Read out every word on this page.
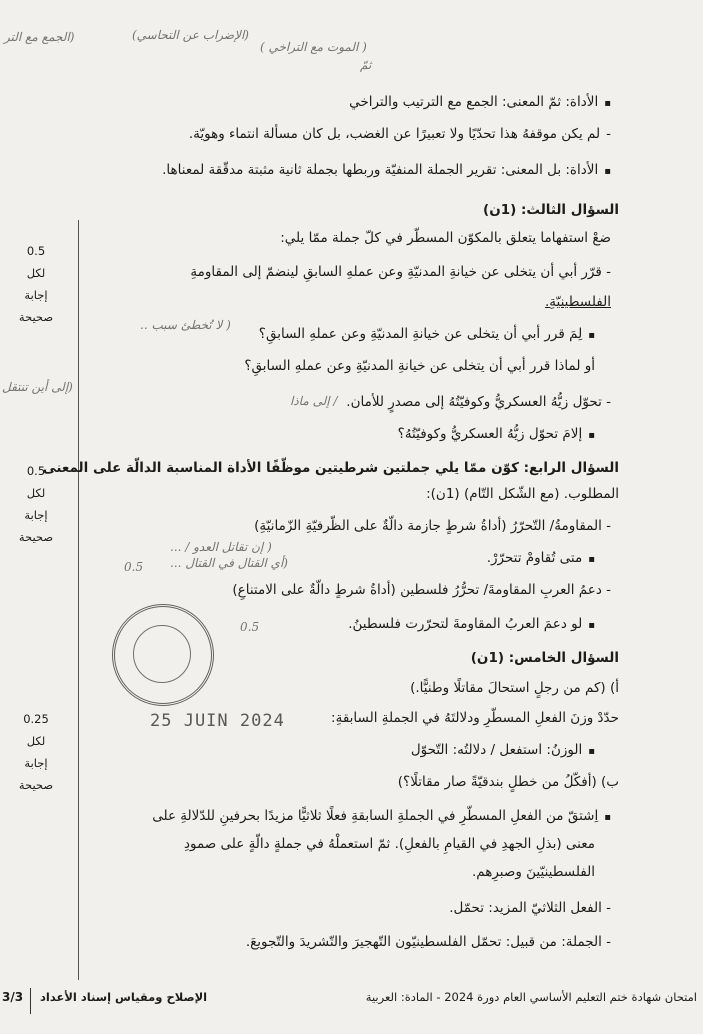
(الجمع مع التر	(الإضراب عن التحاسي)
( الموت مع التراخي )
ثمّ
0.5
لكل
إجابة
صحيحة
0.5
لكل
إجابة
صحيحة
0.25
لكل
إجابة
صحيحة
▪ الأداة: ثمّ المعنى: الجمع مع الترتيب والتراخي
- لم يكن موقفهُ هذا تحدّيًا ولا تعبيرًا عن الغضب، بل كان مسألة انتماء وهويّة.
▪ الأداة: بل المعنى: تقرير الجملة المنفيّة وربطها بجملة ثانية مثبتة مدقّقة لمعناها.
السؤال الثالث: (1ن)
ضعْ استفهاما يتعلق بالمكوّن المسطّر في كلّ جملة ممّا يلي:
- قرّر أبي أن يتخلى عن خيانةِ المدنيّةِ وعن عملهِ السابقِ لينضمّ إلى المقاومةِ
الفلسطينيّةِ.
▪ لِمَ قرر أبي أن يتخلى عن خيانةِ المدنيّةِ وعن عملهِ السابقِ؟
أو لماذا قرر أبي أن يتخلى عن خيانةِ المدنيّةِ وعن عملهِ السابقِ؟
- تحوّل زيُّهُ العسكريُّ وكوفيّتُهُ إلى مصدرٍ للأمان.
▪ إلامَ تحوّل زيُّهُ العسكريُّ وكوفيّتُهُ؟
السؤال الرابع: كوّن ممّا يلي جملتين شرطيتين موظّفًا الأداة المناسبة الدالّة على المعنى
المطلوب. (مع الشّكل التّام) (1ن):
- المقاومةُ/ التّحرّرُ (أداةُ شرطٍ جازمة دالّةٌ على الظّرفيّةِ الزّمانيّةِ)
▪ متى تُقاومْ تتحرّرْ.
- دعمُ العربِ المقاومةَ/ تحرُّرُ فلسطين (أداةُ شرطٍ دالّةٌ على الامتناعِ)
▪ لو دعمَ العربُ المقاومةَ لتحرّرت فلسطينُ.
السؤال الخامس: (1ن)
أ) (كم من رجلٍ استحالَ مقاتلًا وطنيًّا.)
حدّدْ وزنَ الفعلِ المسطّرِ ودلالتَهُ في الجملةِ السابقةِ:
▪ الوزنُ: استفعل / دلالتُه: التّحوّل
ب) (أفكّلُ من خطلٍ بندقيّةً صار مقاتلًا؟)
▪ اِشتقّ من الفعلِ المسطّرِ في الجملةِ السابقةِ فعلًا ثلاثيًّا مزيدًا بحرفينِ للدّلالةِ على
معنى (بذلِ الجهدِ في القيامِ بالفعلِ). ثمّ استعملْهُ في جملةٍ دالّةٍ على صمودِ
الفلسطينيّينَ وصبرِهم.
- الفعل الثلاثيّ المزيد: تحمّل.
- الجملة: من قبيل: تحمّل الفلسطينيّون التّهجيرَ والتّشريدَ والتّجويعَ.
( لا تُخطئ سبب ..
(إلى أين تنتقل
/ إلى ماذا
( إن تقاتل العدو / ...
(أي القتال في القتال ...
0.5
0.5
25 JUIN 2024
3/3 الإصلاح ومقياس إسناد الأعداد	امتحان شهادة ختم التعليم الأساسي العام دورة 2024 - المادة: العربية
